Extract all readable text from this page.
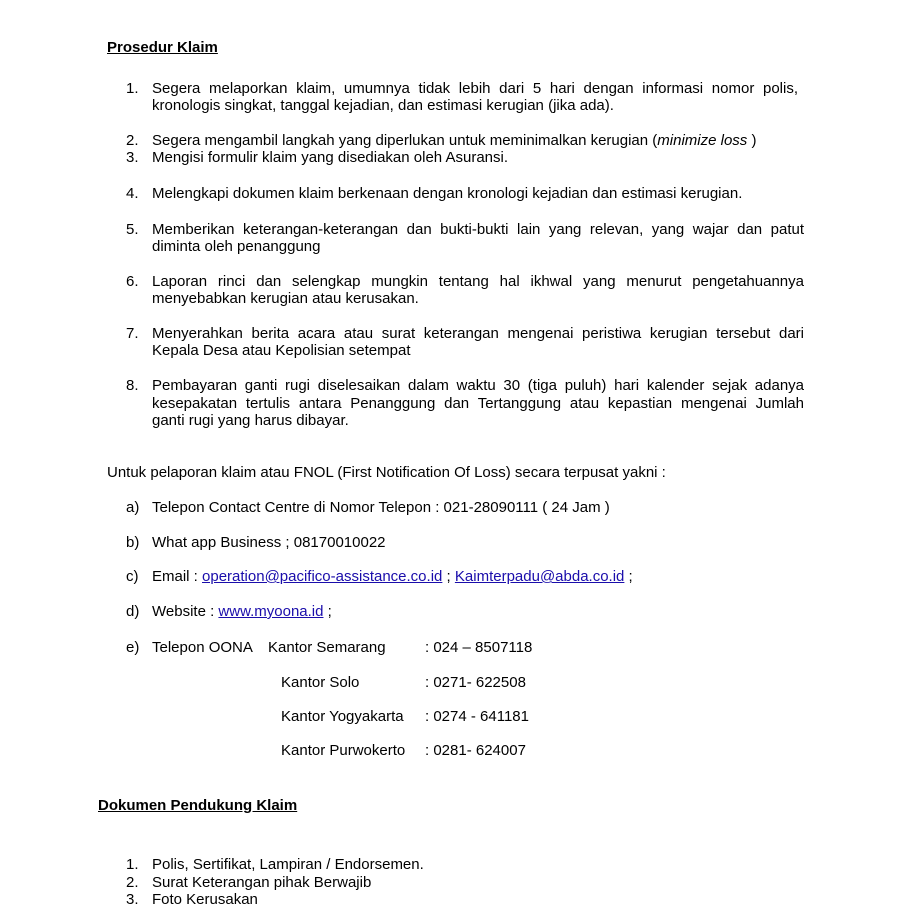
Prosedur Klaim
1. Segera melaporkan klaim, umumnya tidak lebih dari 5 hari dengan informasi nomor polis,
kronologis singkat, tanggal kejadian, dan estimasi kerugian (jika ada).
2. Segera mengambil langkah yang diperlukan untuk meminimalkan kerugian (minimize loss )
3. Mengisi formulir klaim yang disediakan oleh Asuransi.
4. Melengkapi dokumen klaim berkenaan dengan kronologi kejadian dan estimasi kerugian.
5. Memberikan keterangan-keterangan dan bukti-bukti lain yang relevan, yang wajar dan patut
diminta oleh penanggung
6. Laporan rinci dan selengkap mungkin tentang hal ikhwal yang menurut pengetahuannya
menyebabkan kerugian atau kerusakan.
7. Menyerahkan berita acara atau surat keterangan mengenai peristiwa kerugian tersebut dari
Kepala Desa atau Kepolisian setempat
8. Pembayaran ganti rugi diselesaikan dalam waktu 30 (tiga puluh) hari kalender sejak adanya
kesepakatan tertulis antara Penanggung dan Tertanggung atau kepastian mengenai Jumlah
ganti rugi yang harus dibayar.
Untuk pelaporan klaim atau FNOL (First Notification Of Loss) secara terpusat yakni :
a) Telepon Contact Centre di Nomor Telepon : 021-28090111 ( 24 Jam )
b) What app Business ; 08170010022
c) Email : operation@pacifico-assistance.co.id ; Kaimterpadu@abda.co.id ;
d) Website : www.myoona.id ;
e) Telepon OONA Kantor Semarang	: 024 – 8507118
Kantor Solo	: 0271- 622508
Kantor Yogyakarta : 0274 - 641181
Kantor Purwokerto : 0281- 624007
Dokumen Pendukung Klaim
1. Polis, Sertifikat, Lampiran / Endorsemen.
2. Surat Keterangan pihak Berwajib
3. Foto Kerusakan
